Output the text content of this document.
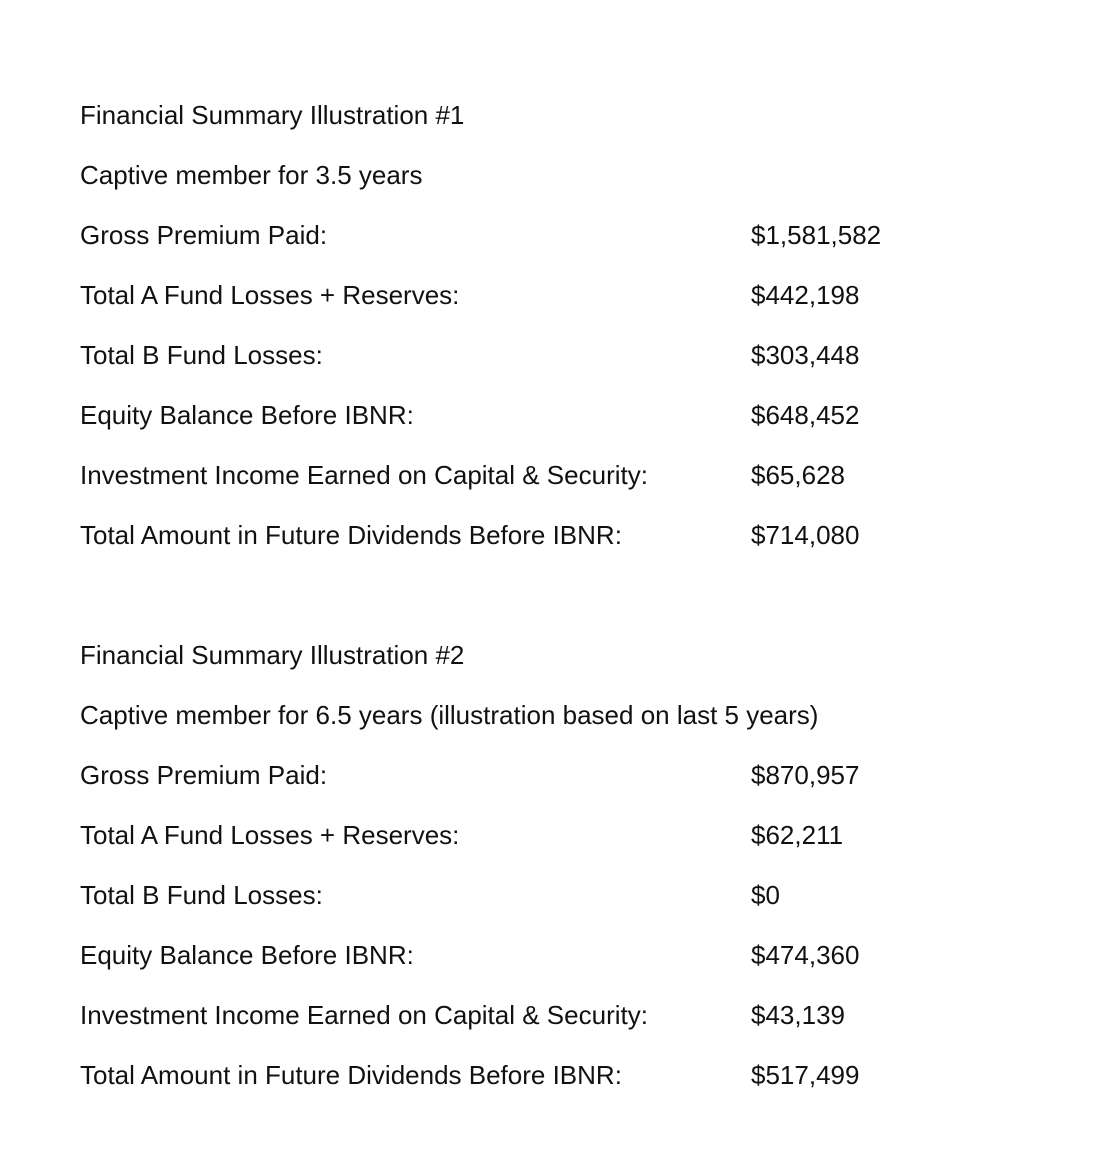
Financial Summary Illustration #1
Captive member for 3.5 years
Gross Premium Paid:	$1,581,582
Total A Fund Losses + Reserves:	$442,198
Total B Fund Losses:	$303,448
Equity Balance Before IBNR:	$648,452
Investment Income Earned on Capital & Security:	$65,628
Total Amount in Future Dividends Before IBNR:	$714,080
Financial Summary Illustration #2
Captive member for 6.5 years (illustration based on last 5 years)
Gross Premium Paid:	$870,957
Total A Fund Losses + Reserves:	$62,211
Total B Fund Losses:	$0
Equity Balance Before IBNR:	$474,360
Investment Income Earned on Capital & Security:	$43,139
Total Amount in Future Dividends Before IBNR:	$517,499
